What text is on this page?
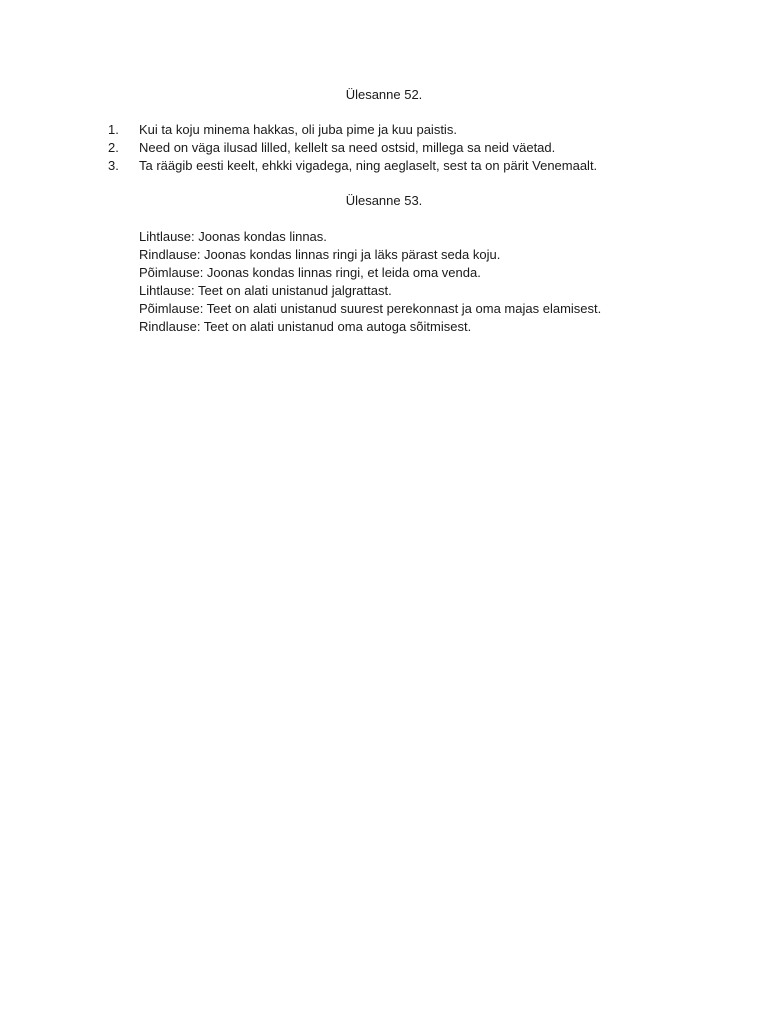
Ülesanne 52.
1. Kui ta koju minema hakkas, oli juba pime ja kuu paistis.
2. Need on väga ilusad lilled, kellelt sa need ostsid, millega sa neid väetad.
3. Ta räägib eesti keelt, ehkki vigadega, ning aeglaselt, sest ta on pärit Venemaalt.
Ülesanne 53.
Lihtlause: Joonas kondas linnas.
Rindlause: Joonas kondas linnas ringi ja läks pärast seda koju.
Põimlause: Joonas kondas linnas ringi, et leida oma venda.
Lihtlause: Teet on alati unistanud jalgrattast.
Põimlause: Teet on alati unistanud suurest perekonnast ja oma majas elamisest.
Rindlause: Teet on alati unistanud oma autoga sõitmisest.
